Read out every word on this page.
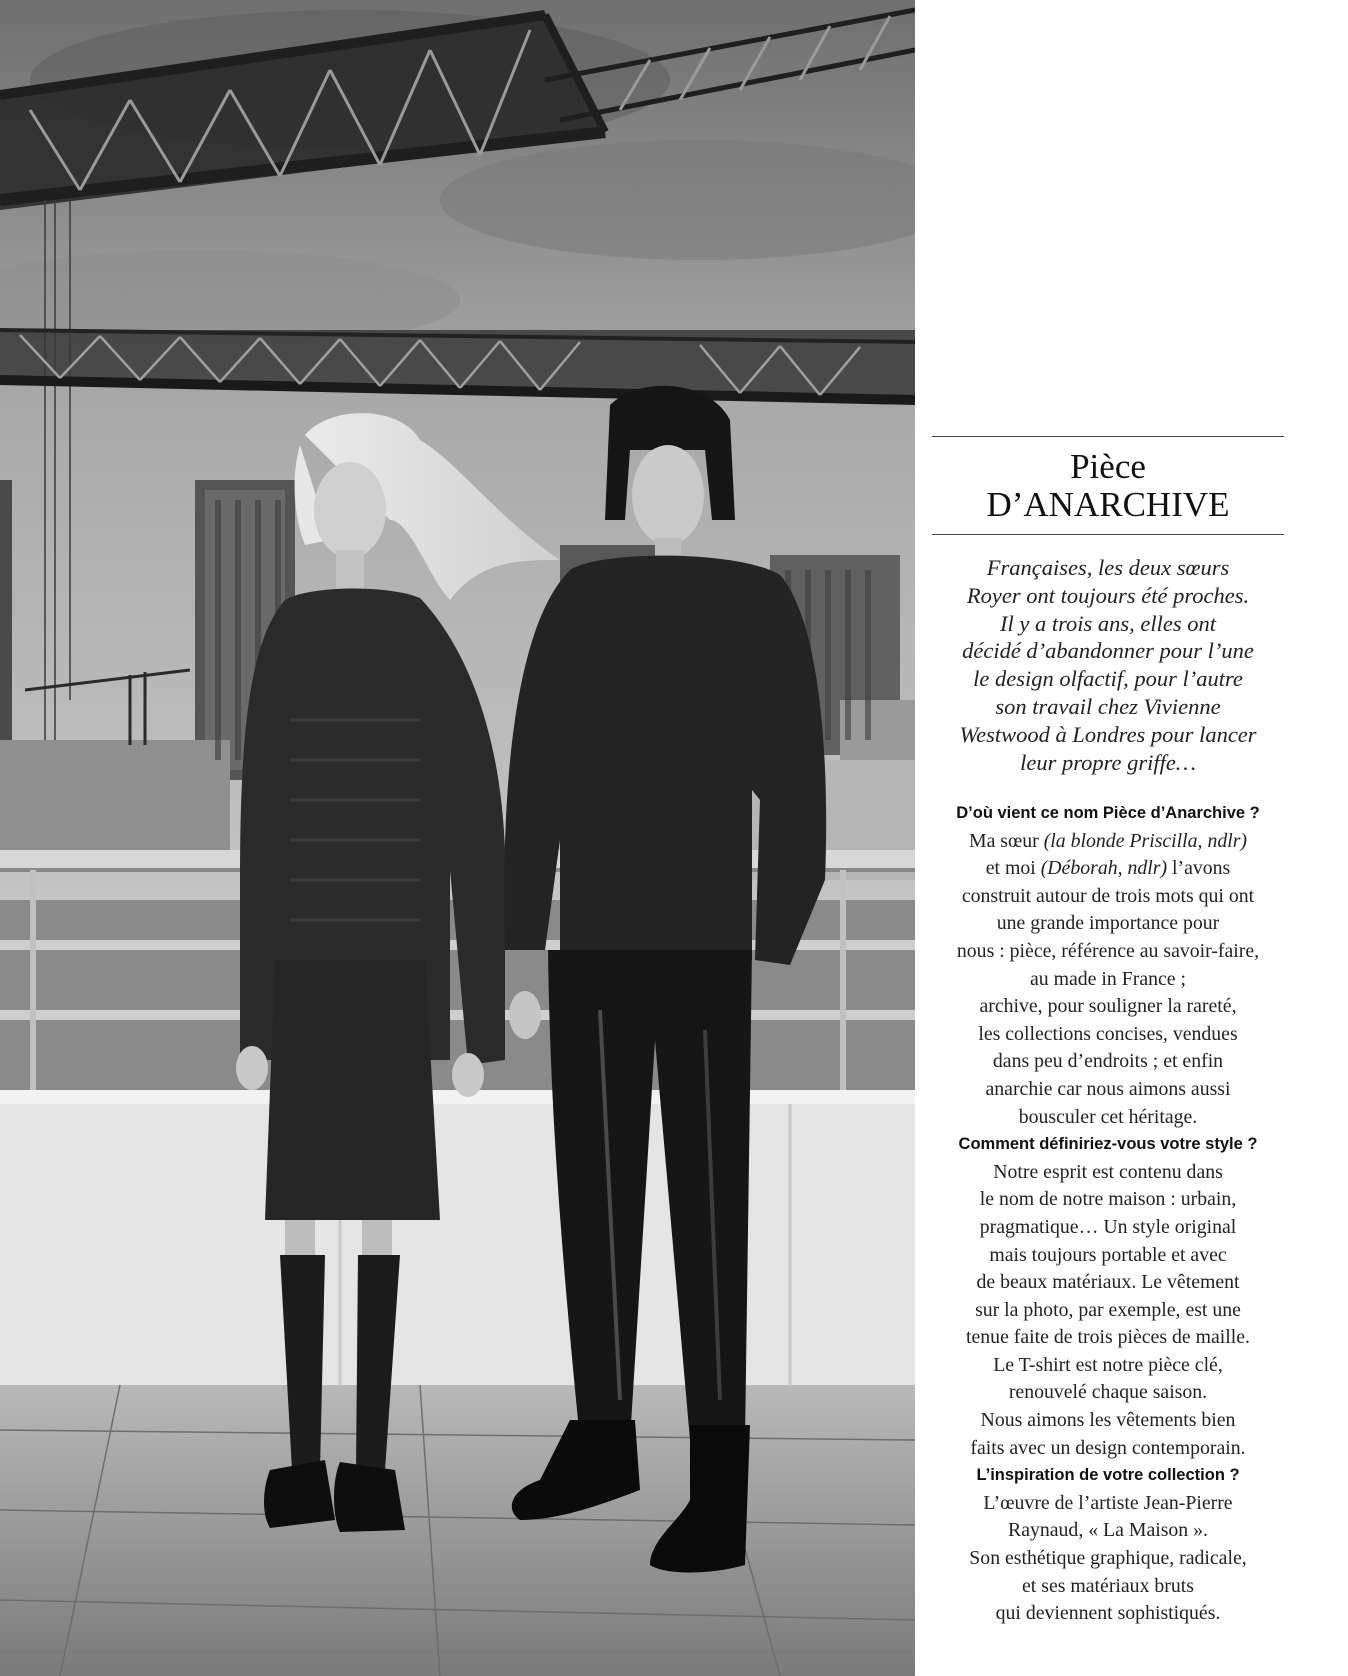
Pièce
D’ANARCHIVE
Françaises, les deux sœurs
Royer ont toujours été proches.
Il y a trois ans, elles ont
décidé d’abandonner pour l’une
le design olfactif, pour l’autre
son travail chez Vivienne
Westwood à Londres pour lancer
leur propre griffe…
D’où vient ce nom Pièce d’Anarchive ?
Ma sœur (la blonde Priscilla, ndlr)
et moi (Déborah, ndlr) l’avons
construit autour de trois mots qui ont
une grande importance pour
nous : pièce, référence au savoir-faire,
au made in France ;
archive, pour souligner la rareté,
les collections concises, vendues
dans peu d’endroits ; et enfin
anarchie car nous aimons aussi
bousculer cet héritage.
Comment définiriez-vous votre style ?
Notre esprit est contenu dans
le nom de notre maison : urbain,
pragmatique… Un style original
mais toujours portable et avec
de beaux matériaux. Le vêtement
sur la photo, par exemple, est une
tenue faite de trois pièces de maille.
Le T-shirt est notre pièce clé,
renouvelé chaque saison.
Nous aimons les vêtements bien
faits avec un design contemporain.
L’inspiration de votre collection ?
L’œuvre de l’artiste Jean-Pierre
Raynaud, « La Maison ».
Son esthétique graphique, radicale,
et ses matériaux bruts
qui deviennent sophistiqués.
